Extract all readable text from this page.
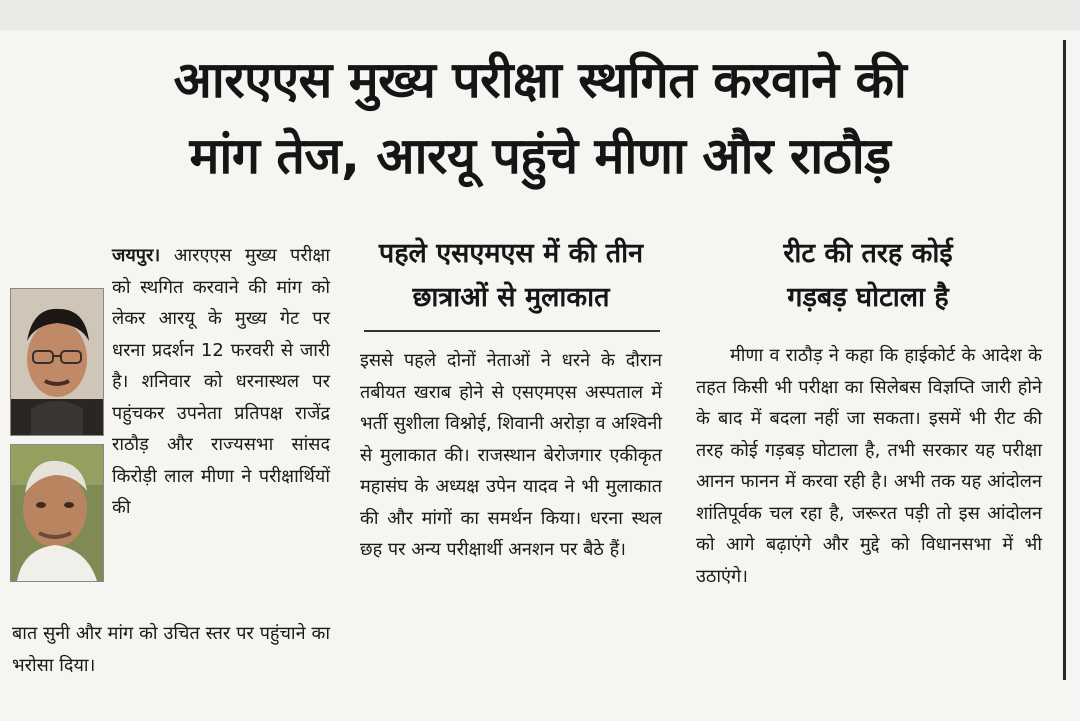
आरएएस मुख्य परीक्षा स्थगित करवाने की
मांग तेज, आरयू पहुंचे मीणा और राठौड़

जयपुर। आरएएस मुख्य परीक्षा को स्थगित करवाने की मांग को लेकर आरयू के मुख्य गेट पर धरना प्रदर्शन 12 फरवरी से जारी है। शनिवार को धरनास्थल पर पहुंचकर उपनेता प्रतिपक्ष राजेंद्र राठौड़ और राज्यसभा सांसद किरोड़ी लाल मीणा ने परीक्षार्थियों की

बात सुनी और मांग को उचित स्तर पर पहुंचाने का भरोसा दिया।

पहले एसएमएस में की तीन
छात्राओं से मुलाकात

इससे पहले दोनों नेताओं ने धरने के दौरान तबीयत खराब होने से एसएमएस अस्पताल में भर्ती सुशीला विश्नोई, शिवानी अरोड़ा व अश्विनी से मुलाकात की। राजस्थान बेरोजगार एकीकृत महासंघ के अध्यक्ष उपेन यादव ने भी मुलाकात की और मांगों का समर्थन किया। धरना स्थल छह पर अन्य परीक्षार्थी अनशन पर बैठे हैं।

रीट की तरह कोई
गड़बड़ घोटाला है

मीणा व राठौड़ ने कहा कि हाईकोर्ट के आदेश के तहत किसी भी परीक्षा का सिलेबस विज्ञप्ति जारी होने के बाद में बदला नहीं जा सकता। इसमें भी रीट की तरह कोई गड़बड़ घोटाला है, तभी सरकार यह परीक्षा आनन फानन में करवा रही है। अभी तक यह आंदोलन शांतिपूर्वक चल रहा है, जरूरत पड़ी तो इस आंदोलन को आगे बढ़ाएंगे और मुद्दे को विधानसभा में भी उठाएंगे।
